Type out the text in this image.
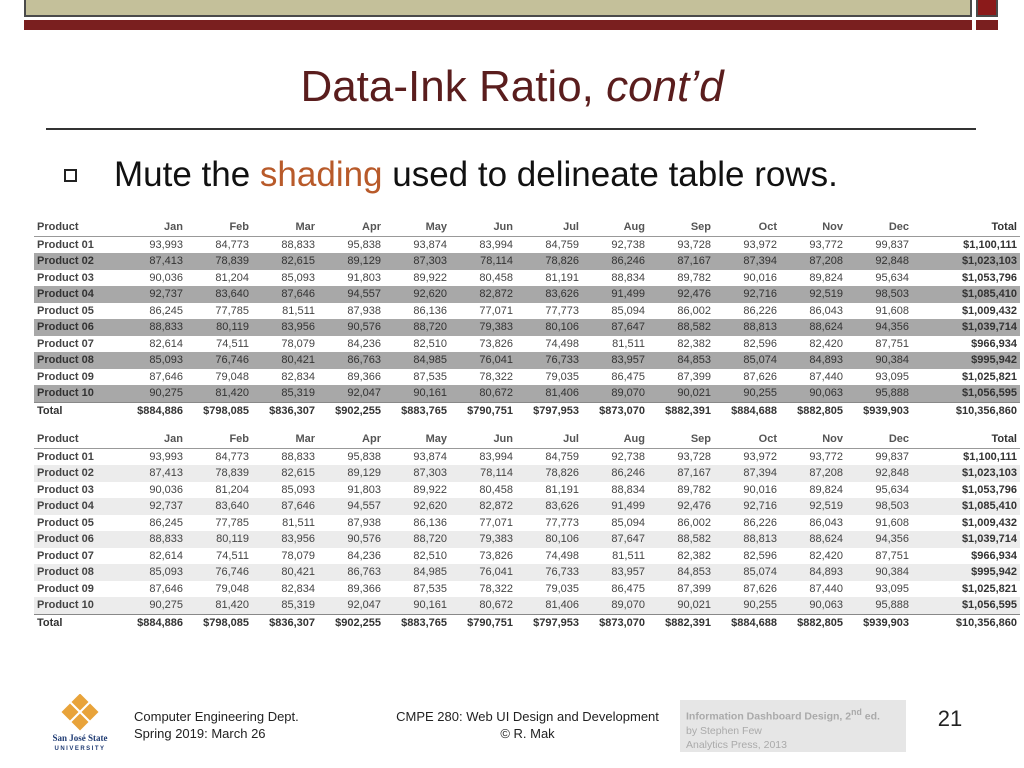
Data-Ink Ratio, cont’d
Mute the shading used to delineate table rows.
Product	Jan	Feb	Mar	Apr	May	Jun	Jul	Aug	Sep	Oct	Nov	Dec	Total
Product 01	93,993	84,773	88,833	95,838	93,874	83,994	84,759	92,738	93,728	93,972	93,772	99,837	$1,100,111
Product 02	87,413	78,839	82,615	89,129	87,303	78,114	78,826	86,246	87,167	87,394	87,208	92,848	$1,023,103
Product 03	90,036	81,204	85,093	91,803	89,922	80,458	81,191	88,834	89,782	90,016	89,824	95,634	$1,053,796
Product 04	92,737	83,640	87,646	94,557	92,620	82,872	83,626	91,499	92,476	92,716	92,519	98,503	$1,085,410
Product 05	86,245	77,785	81,511	87,938	86,136	77,071	77,773	85,094	86,002	86,226	86,043	91,608	$1,009,432
Product 06	88,833	80,119	83,956	90,576	88,720	79,383	80,106	87,647	88,582	88,813	88,624	94,356	$1,039,714
Product 07	82,614	74,511	78,079	84,236	82,510	73,826	74,498	81,511	82,382	82,596	82,420	87,751	$966,934
Product 08	85,093	76,746	80,421	86,763	84,985	76,041	76,733	83,957	84,853	85,074	84,893	90,384	$995,942
Product 09	87,646	79,048	82,834	89,366	87,535	78,322	79,035	86,475	87,399	87,626	87,440	93,095	$1,025,821
Product 10	90,275	81,420	85,319	92,047	90,161	80,672	81,406	89,070	90,021	90,255	90,063	95,888	$1,056,595
Total	$884,886	$798,085	$836,307	$902,255	$883,765	$790,751	$797,953	$873,070	$882,391	$884,688	$882,805	$939,903	$10,356,860
Product	Jan	Feb	Mar	Apr	May	Jun	Jul	Aug	Sep	Oct	Nov	Dec	Total
Product 01	93,993	84,773	88,833	95,838	93,874	83,994	84,759	92,738	93,728	93,972	93,772	99,837	$1,100,111
Product 02	87,413	78,839	82,615	89,129	87,303	78,114	78,826	86,246	87,167	87,394	87,208	92,848	$1,023,103
Product 03	90,036	81,204	85,093	91,803	89,922	80,458	81,191	88,834	89,782	90,016	89,824	95,634	$1,053,796
Product 04	92,737	83,640	87,646	94,557	92,620	82,872	83,626	91,499	92,476	92,716	92,519	98,503	$1,085,410
Product 05	86,245	77,785	81,511	87,938	86,136	77,071	77,773	85,094	86,002	86,226	86,043	91,608	$1,009,432
Product 06	88,833	80,119	83,956	90,576	88,720	79,383	80,106	87,647	88,582	88,813	88,624	94,356	$1,039,714
Product 07	82,614	74,511	78,079	84,236	82,510	73,826	74,498	81,511	82,382	82,596	82,420	87,751	$966,934
Product 08	85,093	76,746	80,421	86,763	84,985	76,041	76,733	83,957	84,853	85,074	84,893	90,384	$995,942
Product 09	87,646	79,048	82,834	89,366	87,535	78,322	79,035	86,475	87,399	87,626	87,440	93,095	$1,025,821
Product 10	90,275	81,420	85,319	92,047	90,161	80,672	81,406	89,070	90,021	90,255	90,063	95,888	$1,056,595
Total	$884,886	$798,085	$836,307	$902,255	$883,765	$790,751	$797,953	$873,070	$882,391	$884,688	$882,805	$939,903	$10,356,860
San José State
UNIVERSITY
Computer Engineering Dept.
Spring 2019: March 26
CMPE 280: Web UI Design and Development
© R. Mak
Information Dashboard Design, 2nd ed.
by Stephen Few
Analytics Press, 2013
21
